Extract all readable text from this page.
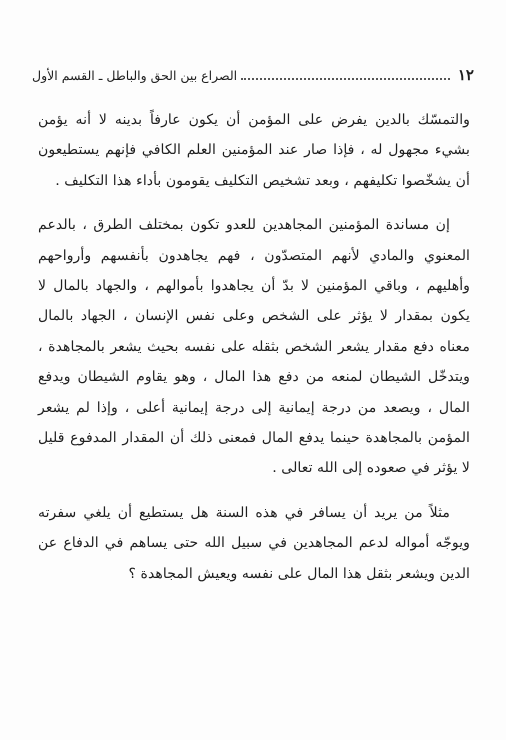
١٢
الصراع بين الحق والباطل ـ القسم الأول

والتمسّك بالدين يفرض على المؤمن أن يكون عارفاً بدينه لا أنه يؤمن بشيء مجهول له ، فإذا صار عند المؤمنين العلم الكافي فإنهم يستطيعون أن يشخّصوا تكليفهم ، وبعد تشخيص التكليف يقومون بأداء هذا التكليف .

إن مساندة المؤمنين المجاهدين للعدو تكون بمختلف الطرق ، بالدعم المعنوي والمادي لأنهم المتصدّون ، فهم يجاهدون بأنفسهم وأرواحهم وأهليهم ، وباقي المؤمنين لا بدّ أن يجاهدوا بأموالهم ، والجهاد بالمال لا يكون بمقدار لا يؤثر على الشخص وعلى نفس الإنسان ، الجهاد بالمال معناه دفع مقدار يشعر الشخص بثقله على نفسه بحيث يشعر بالمجاهدة ، ويتدخّل الشيطان لمنعه من دفع هذا المال ، وهو يقاوم الشيطان ويدفع المال ، ويصعد من درجة إيمانية إلى درجة إيمانية أعلى ، وإذا لم يشعر المؤمن بالمجاهدة حينما يدفع المال فمعنى ذلك أن المقدار المدفوع قليل لا يؤثر في صعوده إلى الله تعالى .

مثلاً من يريد أن يسافر في هذه السنة هل يستطيع أن يلغي سفرته ويوجّه أمواله لدعم المجاهدين في سبيل الله حتى يساهم في الدفاع عن الدين ويشعر بثقل هذا المال على نفسه ويعيش المجاهدة ؟
